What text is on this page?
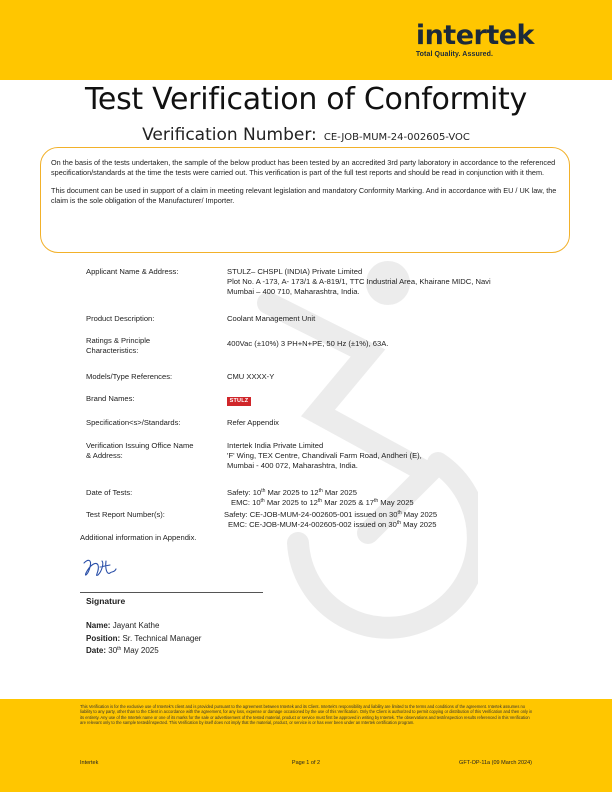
intertek
Total Quality. Assured.
Test Verification of Conformity
Verification Number: CE-JOB-MUM-24-002605-VOC

On the basis of the tests undertaken, the sample of the below product has been tested by an accredited 3rd party laboratory in accordance to the referenced specification/standards at the time the tests were carried out. This verification is part of the full test reports and should be read in conjunction with it them.

This document can be used in support of a claim in meeting relevant legislation and mandatory Conformity Marking. And in accordance with EU / UK law, the claim is the sole obligation of the Manufacturer/ Importer.

Applicant Name & Address:	STULZ– CHSPL (INDIA) Private Limited
Plot No. A -173, A- 173/1 & A-819/1, TTC Industrial Area, Khairane MIDC, Navi
Mumbai – 400 710, Maharashtra, India.
Product Description:	Coolant Management Unit
Ratings & Principle
Characteristics:
400Vac (±10%) 3 PH+N+PE, 50 Hz (±1%), 63A.
Models/Type References:	CMU XXXX-Y
Brand Names:	STULZ
Specification<s>/Standards:	Refer Appendix
Verification Issuing Office Name
& Address:
Intertek India Private Limited
'F' Wing, TEX Centre, Chandivali Farm Road, Andheri (E),
Mumbai - 400 072, Maharashtra, India.
Date of Tests:	Safety: 10th Mar 2025 to 12th Mar 2025
EMC: 10th Mar 2025 to 12th Mar 2025 & 17th May 2025
Test Report Number(s):	Safety: CE-JOB-MUM-24-002605-001 issued on 30th May 2025
EMC: CE-JOB-MUM-24-002605-002 issued on 30th May 2025
Additional information in Appendix.
Signature
Name: Jayant Kathe
Position: Sr. Technical Manager
Date: 30th May 2025
This Verification is for the exclusive use of Intertek's client and is provided pursuant to the agreement between Intertek and its Client. Intertek's responsibility and liability are limited to the terms and conditions of the agreement. Intertek assumes no liability to any party, other than to the Client in accordance with the agreement, for any loss, expense or damage occasioned by the use of this Verification. Only the Client is authorized to permit copying or distribution of this Verification and then only in its entirety. Any use of the Intertek name or one of its marks for the sale or advertisement of the tested material, product or service must first be approved in writing by Intertek. The observations and test/inspection results referenced in this Verification are relevant only to the sample tested/inspected. This Verification by itself does not imply that the material, product, or service is or has ever been under an Intertek certification program.
Intertek	Page 1 of 2	GFT-OP-11a (09 March 2024)
